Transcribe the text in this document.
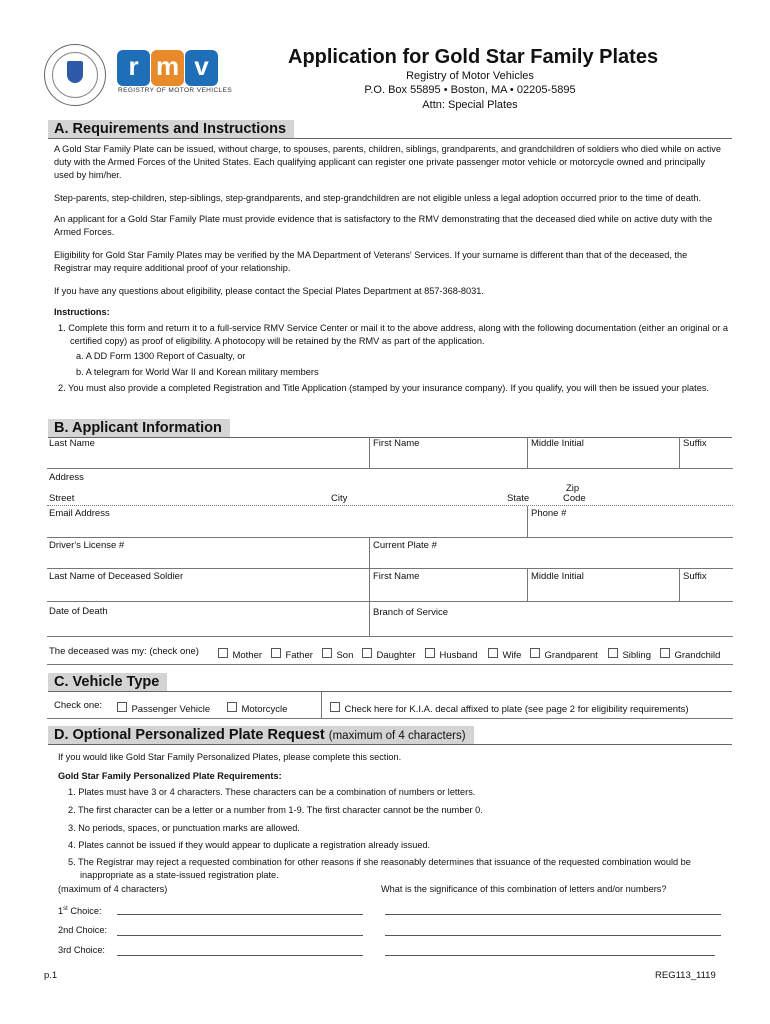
r m v
REGISTRY OF MOTOR VEHICLES
Application for Gold Star Family Plates
Registry of Motor Vehicles
P.O. Box 55895 • Boston, MA • 02205-5895
Attn: Special Plates
A. Requirements and Instructions
A Gold Star Family Plate can be issued, without charge, to spouses, parents, children, siblings, grandparents, and grandchildren of soldiers who died while on active duty with the Armed Forces of the United States. Each qualifying applicant can register one private passenger motor vehicle or motorcycle owned and principally used by him/her.
Step-parents, step-children, step-siblings, step-grandparents, and step-grandchildren are not eligible unless a legal adoption occurred prior to the time of death.
An applicant for a Gold Star Family Plate must provide evidence that is satisfactory to the RMV demonstrating that the deceased died while on active duty with the Armed Forces.
Eligibility for Gold Star Family Plates may be verified by the MA Department of Veterans' Services. If your surname is different than that of the deceased, the Registrar may require additional proof of your relationship.
If you have any questions about eligibility, please contact the Special Plates Department at 857-368-8031.
Instructions:
1. Complete this form and return it to a full-service RMV Service Center or mail it to the above address, along with the following documentation (either an original or a certified copy) as proof of eligibility. A photocopy will be retained by the RMV as part of the application.
a. A DD Form 1300 Report of Casualty, or
b. A telegram for World War II and Korean military members
2. You must also provide a completed Registration and Title Application (stamped by your insurance company). If you qualify, you will then be issued your plates.
B. Applicant Information
Last Name	First Name	Middle Initial	Suffix
Address
Street	City	State
Zip
Code
Email Address	Phone #
Driver's License #	Current Plate #
Last Name of Deceased Soldier	First Name	Middle Initial	Suffix
Date of Death	Branch of Service
The deceased was my: (check one)	Mother	Father	Son	Daughter	Husband	Wife	Grandparent	Sibling	Grandchild
C. Vehicle Type
Check one:	Passenger Vehicle	Motorcycle	Check here for K.I.A. decal affixed to plate (see page 2 for eligibility requirements)
D. Optional Personalized Plate Request (maximum of 4 characters)
If you would like Gold Star Family Personalized Plates, please complete this section.
Gold Star Family Personalized Plate Requirements:
1. Plates must have 3 or 4 characters. These characters can be a combination of numbers or letters.
2. The first character can be a letter or a number from 1-9. The first character cannot be the number 0.
3. No periods, spaces, or punctuation marks are allowed.
4. Plates cannot be issued if they would appear to duplicate a registration already issued.
5. The Registrar may reject a requested combination for other reasons if she reasonably determines that issuance of the requested combination would be inappropriate as a state-issued registration plate.
(maximum of 4 characters)	What is the significance of this combination of letters and/or numbers?
1st Choice:
2nd Choice:
3rd Choice:
p.1	REG113_1119
